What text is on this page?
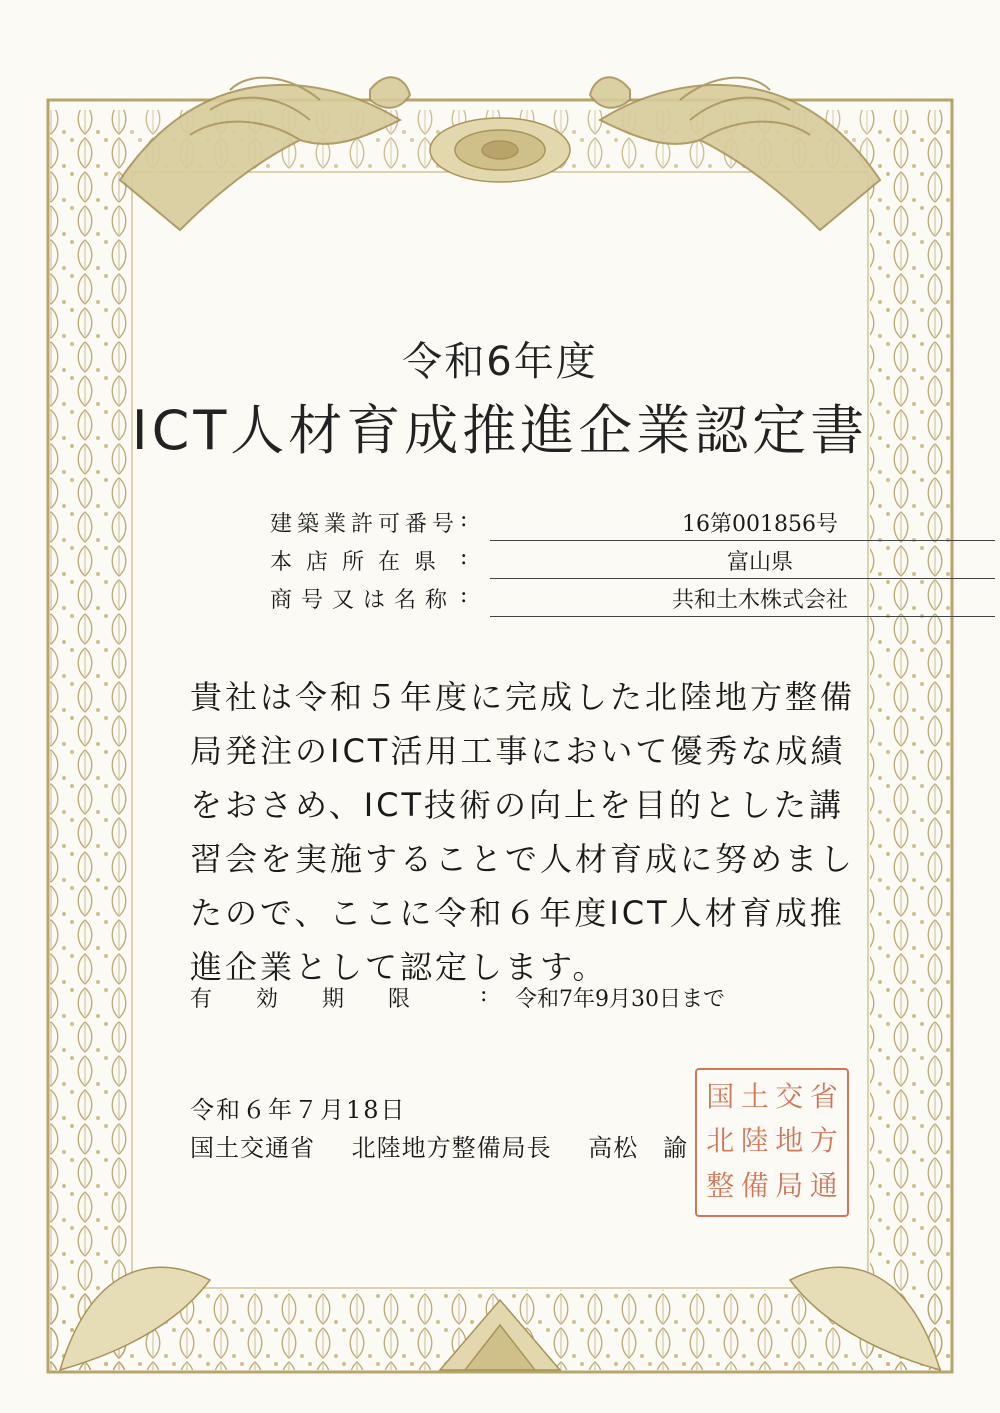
令和6年度
ICT人材育成推進企業認定書
建築業許可番号 :	16第001856号
本店所在県 :	富山県
商号又は名称 :	共和土木株式会社
貴社は令和５年度に完成した北陸地方整備
局発注のICT活用工事において優秀な成績
をおさめ、ICT技術の向上を目的とした講
習会を実施することで人材育成に努めまし
たので、ここに令和６年度ICT人材育成推
進企業として認定します。
有効期限 : 令和7年9月30日まで
令和６年７月18日
国土交通省 北陸地方整備局長 高松　諭
国 土 交 省
北 陸 地 方
整 備 局 通
